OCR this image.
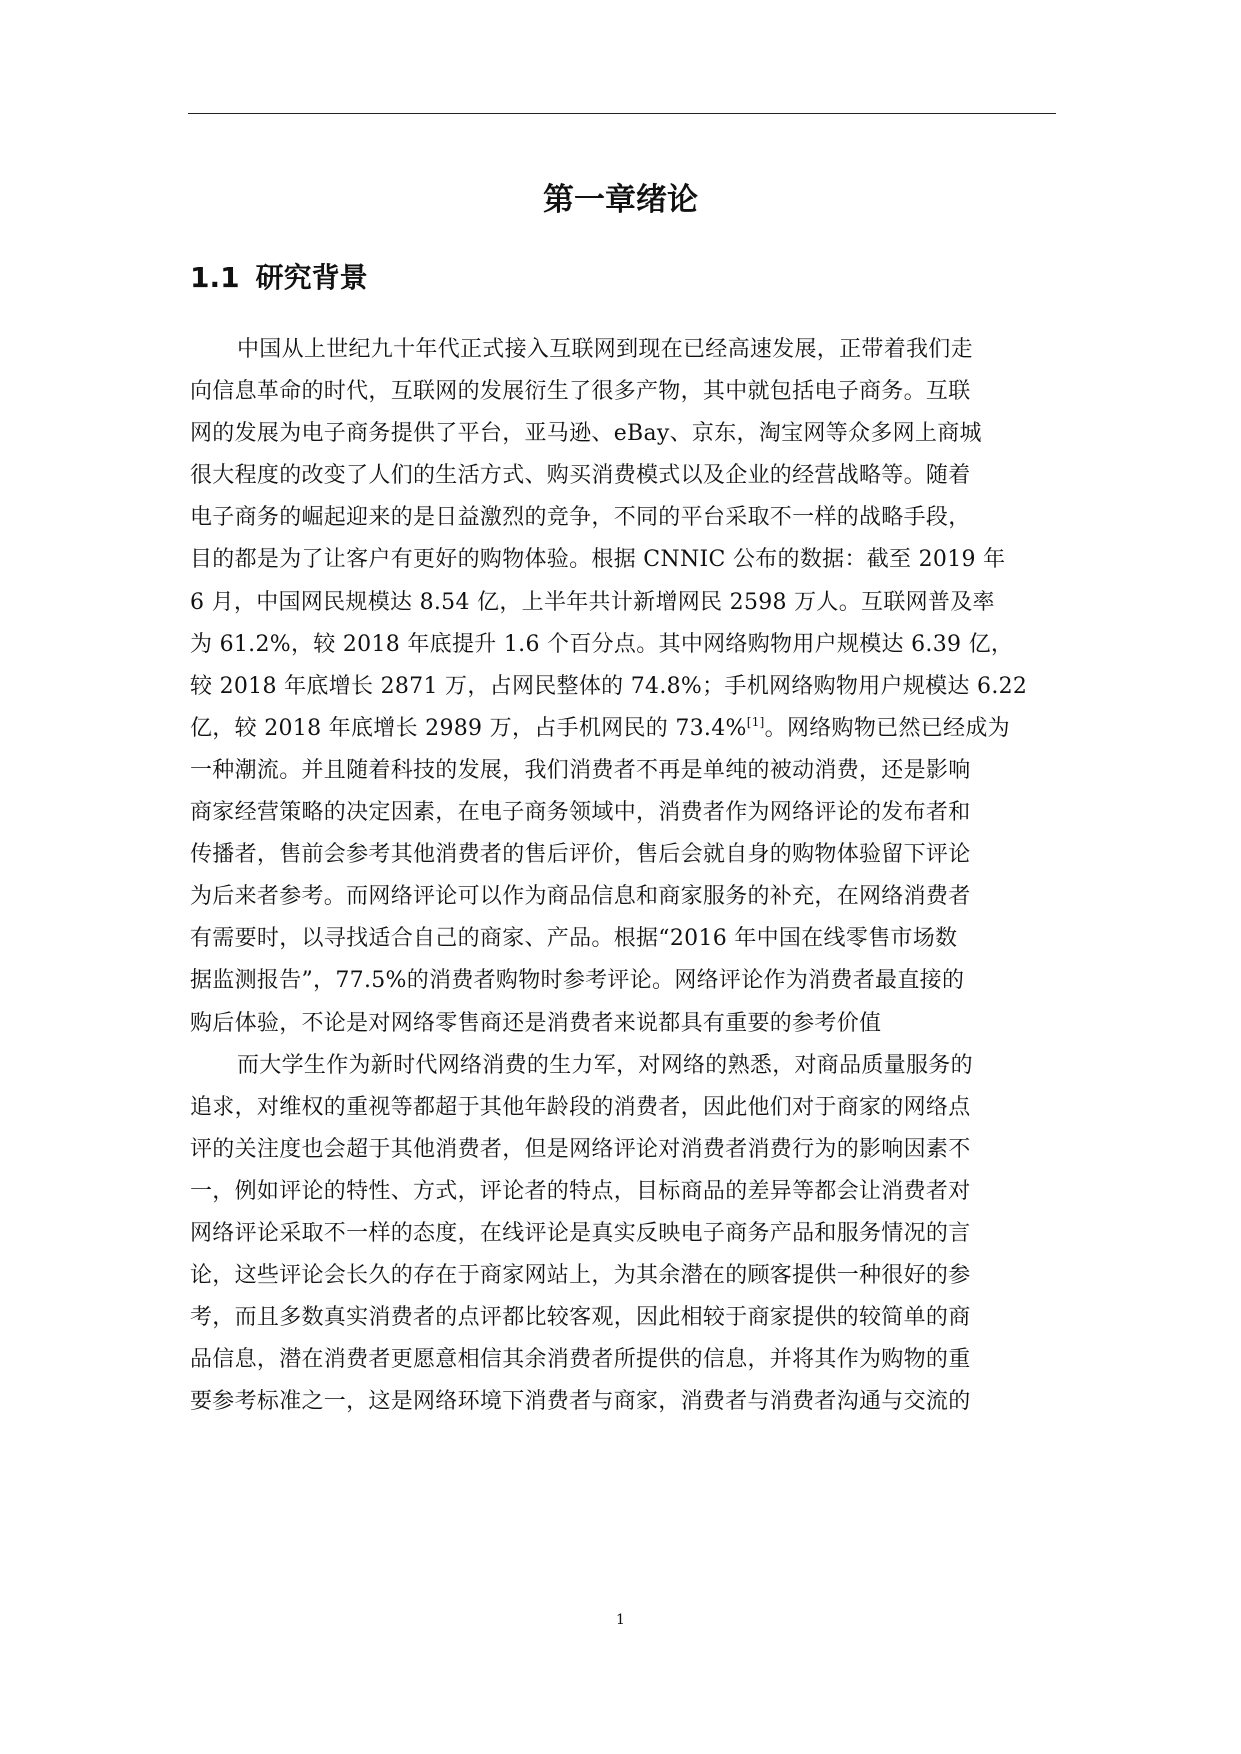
第一章绪论
1.1 研究背景
中国从上世纪九十年代正式接入互联网到现在已经高速发展，正带着我们走
向信息革命的时代，互联网的发展衍生了很多产物，其中就包括电子商务。互联
网的发展为电子商务提供了平台，亚马逊、eBay、京东，淘宝网等众多网上商城
很大程度的改变了人们的生活方式、购买消费模式以及企业的经营战略等。随着
电子商务的崛起迎来的是日益激烈的竞争，不同的平台采取不一样的战略手段，
目的都是为了让客户有更好的购物体验。根据 CNNIC 公布的数据：截至 2019 年
6 月，中国网民规模达 8.54 亿，上半年共计新增网民 2598 万人。互联网普及率
为 61.2%，较 2018 年底提升 1.6 个百分点。其中网络购物用户规模达 6.39 亿，
较 2018 年底增长 2871 万，占网民整体的 74.8%；手机网络购物用户规模达 6.22
亿，较 2018 年底增长 2989 万，占手机网民的 73.4%[1]。网络购物已然已经成为
一种潮流。并且随着科技的发展，我们消费者不再是单纯的被动消费，还是影响
商家经营策略的决定因素，在电子商务领域中，消费者作为网络评论的发布者和
传播者，售前会参考其他消费者的售后评价，售后会就自身的购物体验留下评论
为后来者参考。而网络评论可以作为商品信息和商家服务的补充，在网络消费者
有需要时，以寻找适合自己的商家、产品。根据“2016 年中国在线零售市场数
据监测报告”，77.5%的消费者购物时参考评论。网络评论作为消费者最直接的
购后体验，不论是对网络零售商还是消费者来说都具有重要的参考价值
而大学生作为新时代网络消费的生力军，对网络的熟悉，对商品质量服务的
追求，对维权的重视等都超于其他年龄段的消费者，因此他们对于商家的网络点
评的关注度也会超于其他消费者，但是网络评论对消费者消费行为的影响因素不
一，例如评论的特性、方式，评论者的特点，目标商品的差异等都会让消费者对
网络评论采取不一样的态度，在线评论是真实反映电子商务产品和服务情况的言
论，这些评论会长久的存在于商家网站上，为其余潜在的顾客提供一种很好的参
考，而且多数真实消费者的点评都比较客观，因此相较于商家提供的较简单的商
品信息，潜在消费者更愿意相信其余消费者所提供的信息，并将其作为购物的重
要参考标准之一，这是网络环境下消费者与商家，消费者与消费者沟通与交流的
1
